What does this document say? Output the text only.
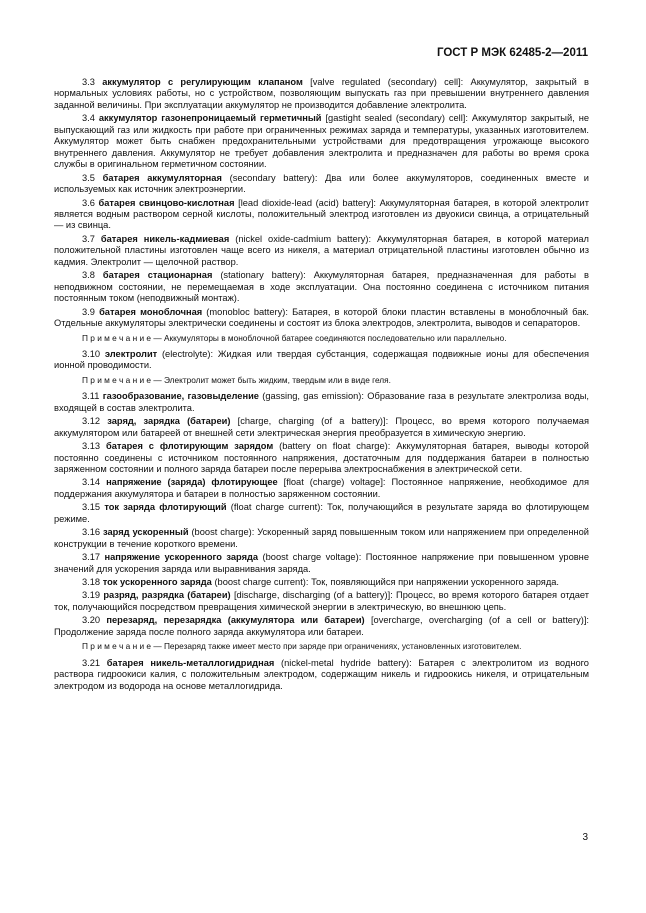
ГОСТ Р МЭК 62485-2—2011

3.3 аккумулятор с регулирующим клапаном [valve regulated (secondary) cell]: Аккумулятор, закрытый в нормальных условиях работы, но с устройством, позволяющим выпускать газ при превышении внутреннего давления заданной величины. При эксплуатации аккумулятор не производится добавление электролита.

3.4 аккумулятор газонепроницаемый герметичный [gastight sealed (secondary) cell]: Аккумулятор закрытый, не выпускающий газ или жидкость при работе при ограниченных режимах заряда и температуры, указанных изготовителем. Аккумулятор может быть снабжен предохранительными устройствами для предотвращения угрожающе высокого внутреннего давления. Аккумулятор не требует добавления электролита и предназначен для работы во время срока службы в оригинальном герметичном состоянии.

3.5 батарея аккумуляторная (secondary battery): Два или более аккумуляторов, соединенных вместе и используемых как источник электроэнергии.

3.6 батарея свинцово-кислотная [lead dioxide-lead (acid) battery]: Аккумуляторная батарея, в которой электролит является водным раствором серной кислоты, положительный электрод изготовлен из двуокиси свинца, а отрицательный — из свинца.

3.7 батарея никель-кадмиевая (nickel oxide-cadmium battery): Аккумуляторная батарея, в которой материал положительной пластины изготовлен чаще всего из никеля, а материал отрицательной пластины изготовлен обычно из кадмия. Электролит — щелочной раствор.

3.8 батарея стационарная (stationary battery): Аккумуляторная батарея, предназначенная для работы в неподвижном состоянии, не перемещаемая в ходе эксплуатации. Она постоянно соединена с источником питания постоянным током (неподвижный монтаж).

3.9 батарея моноблочная (monobloc battery): Батарея, в которой блоки пластин вставлены в моноблочный бак. Отдельные аккумуляторы электрически соединены и состоят из блока электродов, электролита, выводов и сепараторов.

П р и м е ч а н и е — Аккумуляторы в моноблочной батарее соединяются последовательно или параллельно.

3.10 электролит (electrolyte): Жидкая или твердая субстанция, содержащая подвижные ионы для обеспечения ионной проводимости.

П р и м е ч а н и е — Электролит может быть жидким, твердым или в виде геля.

3.11 газообразование, газовыделение (gassing, gas emission): Образование газа в результате электролиза воды, входящей в состав электролита.

3.12 заряд, зарядка (батареи) [charge, charging (of a battery)]: Процесс, во время которого получаемая аккумулятором или батареей от внешней сети электрическая энергия преобразуется в химическую энергию.

3.13 батарея с флотирующим зарядом (battery on float charge): Аккумуляторная батарея, выводы которой постоянно соединены с источником постоянного напряжения, достаточным для поддержания батареи в полностью заряженном состоянии и полного заряда батареи после перерыва электроснабжения в электрической сети.

3.14 напряжение (заряда) флотирующее [float (charge) voltage]: Постоянное напряжение, необходимое для поддержания аккумулятора и батареи в полностью заряженном состоянии.

3.15 ток заряда флотирующий (float charge current): Ток, получающийся в результате заряда во флотирующем режиме.

3.16 заряд ускоренный (boost charge): Ускоренный заряд повышенным током или напряжением при определенной конструкции в течение короткого времени.

3.17 напряжение ускоренного заряда (boost charge voltage): Постоянное напряжение при повышенном уровне значений для ускорения заряда или выравнивания заряда.

3.18 ток ускоренного заряда (boost charge current): Ток, появляющийся при напряжении ускоренного заряда.

3.19 разряд, разрядка (батареи) [discharge, discharging (of a battery)]: Процесс, во время которого батарея отдает ток, получающийся посредством превращения химической энергии в электрическую, во внешнюю цепь.

3.20 перезаряд, перезарядка (аккумулятора или батареи) [overcharge, overcharging (of a cell or battery)]: Продолжение заряда после полного заряда аккумулятора или батареи.

П р и м е ч а н и е — Перезаряд также имеет место при заряде при ограничениях, установленных изготовителем.

3.21 батарея никель-металлогидридная (nickel-metal hydride battery): Батарея с электролитом из водного раствора гидроокиси калия, с положительным электродом, содержащим никель и гидроокись никеля, и отрицательным электродом из водорода на основе металлогидрида.

3
